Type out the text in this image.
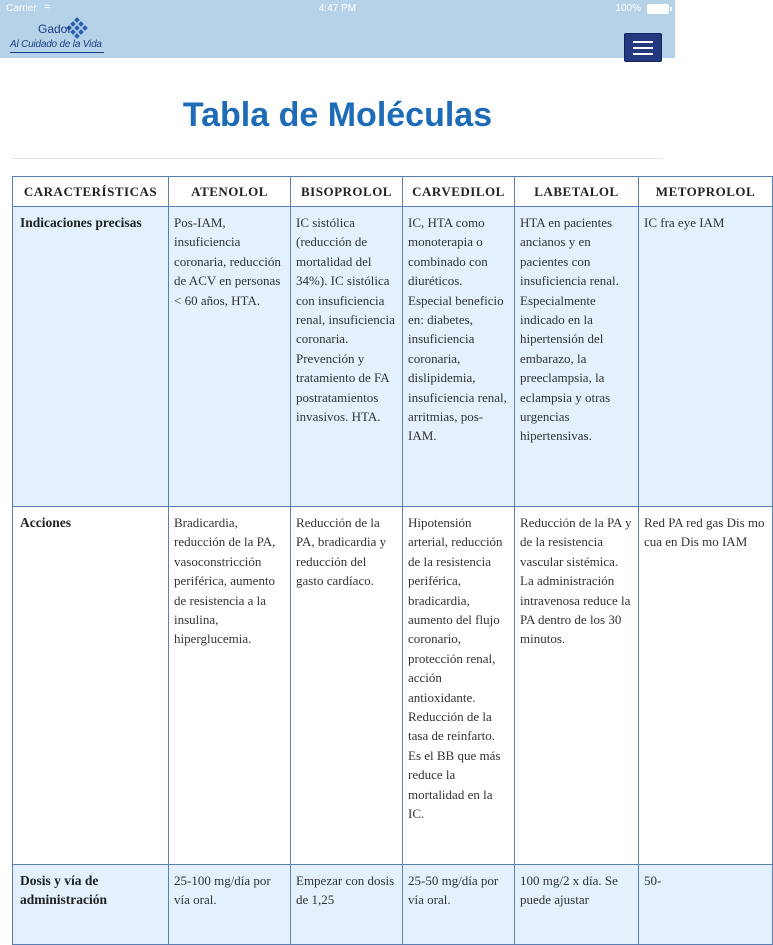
Carrier ≈	4:47 PM	100%
Gador
Al Cuidado de la Vida
Tabla de Moléculas
CARACTERÍSTICAS	ATENOLOL	BISOPROLOL	CARVEDILOL	LABETALOL	METOPROLOL
Indicaciones precisas	Pos-IAM, insuficiencia coronaria, reducción de ACV en personas < 60 años, HTA.	IC sistólica (reducción de mortalidad del 34%). IC sistólica con insuficiencia renal, insuficiencia coronaria. Prevención y tratamiento de FA postratamientos invasivos. HTA.	IC, HTA como monoterapia o combinado con diuréticos. Especial beneficio en: diabetes, insuficiencia coronaria, dislipidemia, insuficiencia renal, arritmias, pos-IAM.	HTA en pacientes ancianos y en pacientes con insuficiencia renal. Especialmente indicado en la hipertensión del embarazo, la preeclampsia, la eclampsia y otras urgencias hipertensivas.	IC fra eye IAM
Acciones	Bradicardia, reducción de la PA, vasoconstricción periférica, aumento de resistencia a la insulina, hiperglucemia.	Reducción de la PA, bradicardia y reducción del gasto cardíaco.	Hipotensión arterial, reducción de la resistencia periférica, bradicardia, aumento del flujo coronario, protección renal, acción antioxidante. Reducción de la tasa de reinfarto. Es el BB que más reduce la mortalidad en la IC.	Reducción de la PA y de la resistencia vascular sistémica. La administración intravenosa reduce la PA dentro de los 30 minutos.	Red PA red gas Dis mo cua en Dis mo IAM
Dosis y vía de administración	25-100 mg/día por vía oral.	Empezar con dosis de 1,25	25-50 mg/día por vía oral.	100 mg/2 x día. Se puede ajustar	50-
